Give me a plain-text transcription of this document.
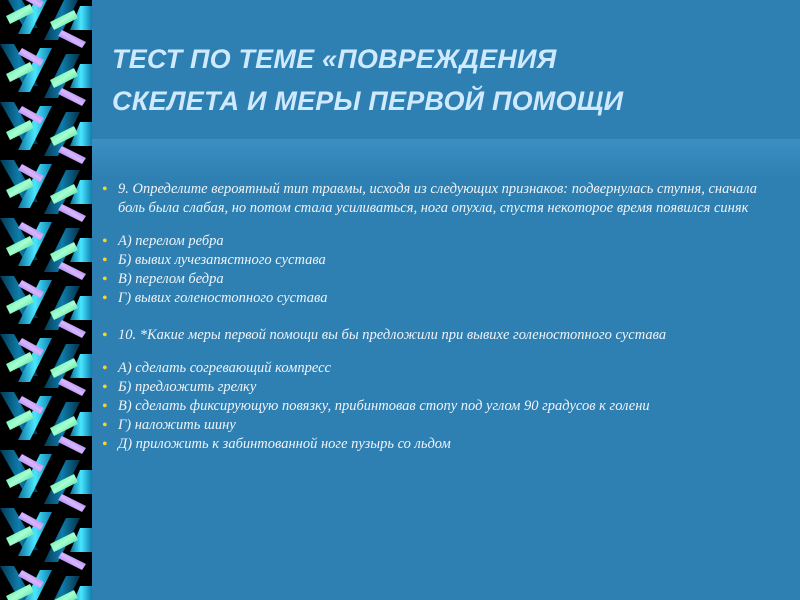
ТЕСТ ПО ТЕМЕ «ПОВРЕЖДЕНИЯ
СКЕЛЕТА И МЕРЫ ПЕРВОЙ ПОМОЩИ
• 9. Определите вероятный тип травмы, исходя из следующих признаков: подвернулась ступня, сначала боль была слабая, но потом стала усиливаться, нога опухла, спустя некоторое время появился синяк
• А) перелом ребра
• Б) вывих лучезапястного сустава
• В) перелом бедра
• Г) вывих голеностопного сустава
• 10. *Какие меры первой помощи вы бы предложили при вывихе голеностопного сустава
• А) сделать согревающий компресс
• Б) предложить грелку
• В) сделать фиксирующую повязку, прибинтовав стопу под углом 90 градусов к голени
• Г) наложить шину
• Д) приложить к забинтованной ноге пузырь со льдом
